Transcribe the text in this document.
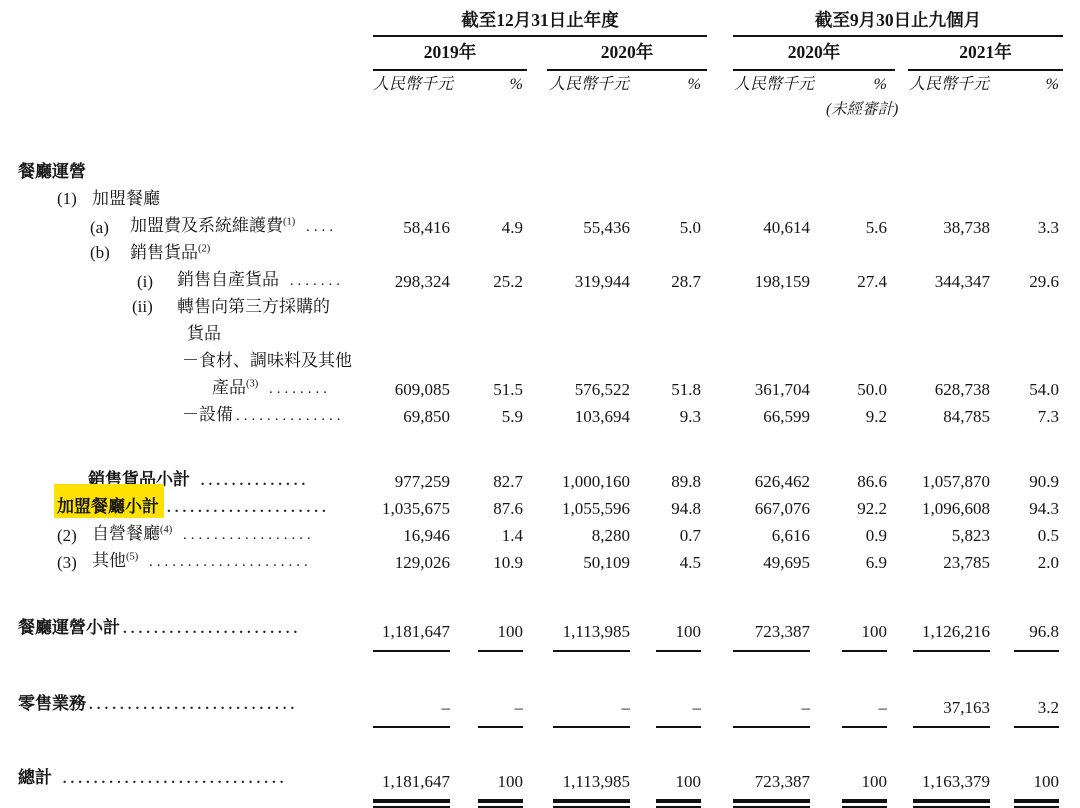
截至12月31日止年度	截至9月30日止九個月
2019年	2020年	2020年	2021年
人民幣千元	%	人民幣千元	%	人民幣千元	%	人民幣千元	%
(未經審計)
餐廳運營
(1) 加盟餐廳
(a) 加盟費及系統維護費$^{(1)}$ ....	58,416	4.9	55,436	5.0	40,614	5.6	38,738	3.3
(b) 銷售貨品$^{(2)}$
(i) 銷售自產貨品 .......	298,324	25.2	319,944	28.7	198,159	27.4	344,347	29.6
(ii) 轉售向第三方採購的
貨品
－食材、調味料及其他
產品$^{(3)}$ ........	609,085	51.5	576,522	51.8	361,704	50.0	628,738	54.0
－設備 ..............	69,850	5.9	103,694	9.3	66,599	9.2	84,785	7.3
銷售貨品小計 ..............	977,259	82.7	1,000,160	89.8	626,462	86.6	1,057,870	90.9
加盟餐廳小計 .....................	1,035,675	87.6	1,055,596	94.8	667,076	92.2	1,096,608	94.3
(2) 自營餐廳$^{(4)}$ .................	16,946	1.4	8,280	0.7	6,616	0.9	5,823	0.5
(3) 其他$^{(5)}$ .....................	129,026	10.9	50,109	4.5	49,695	6.9	23,785	2.0
餐廳運營小計 .......................	1,181,647	100	1,113,985	100	723,387	100	1,126,216	96.8
零售業務 ...........................	–	–	–	–	–	–	37,163	3.2
總計 .............................	1,181,647	100	1,113,985	100	723,387	100	1,163,379	100
